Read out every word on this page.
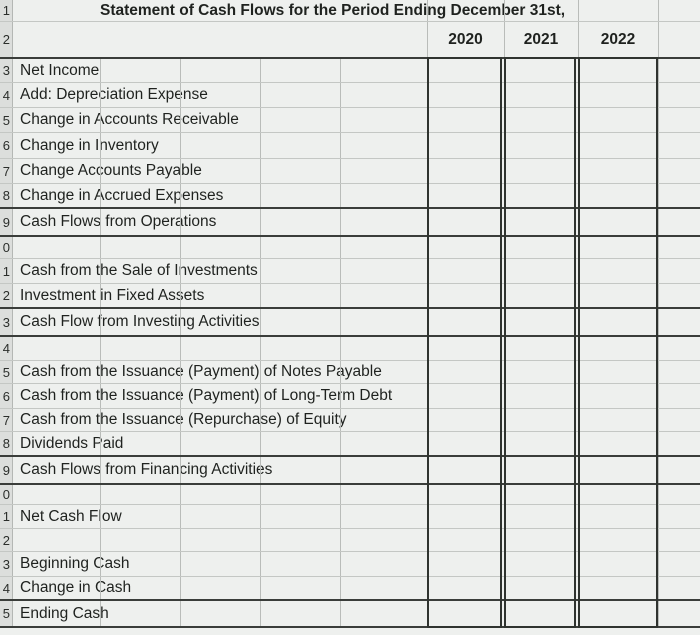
1	Statement of Cash Flows for the Period Ending December 31st,
2	2020	2021	2022
3 Net Income
4 Add: Depreciation Expense
5 Change in Accounts Receivable
6 Change in Inventory
7 Change Accounts Payable
8 Change in Accrued Expenses
9 Cash Flows from Operations
0
1 Cash from the Sale of Investments
2 Investment in Fixed Assets
3 Cash Flow from Investing Activities
4
5 Cash from the Issuance (Payment) of Notes Payable
6 Cash from the Issuance (Payment) of Long-Term Debt
7 Cash from the Issuance (Repurchase) of Equity
8 Dividends Paid
9 Cash Flows from Financing Activities
0
1 Net Cash Flow
2
3 Beginning Cash
4 Change in Cash
5 Ending Cash
